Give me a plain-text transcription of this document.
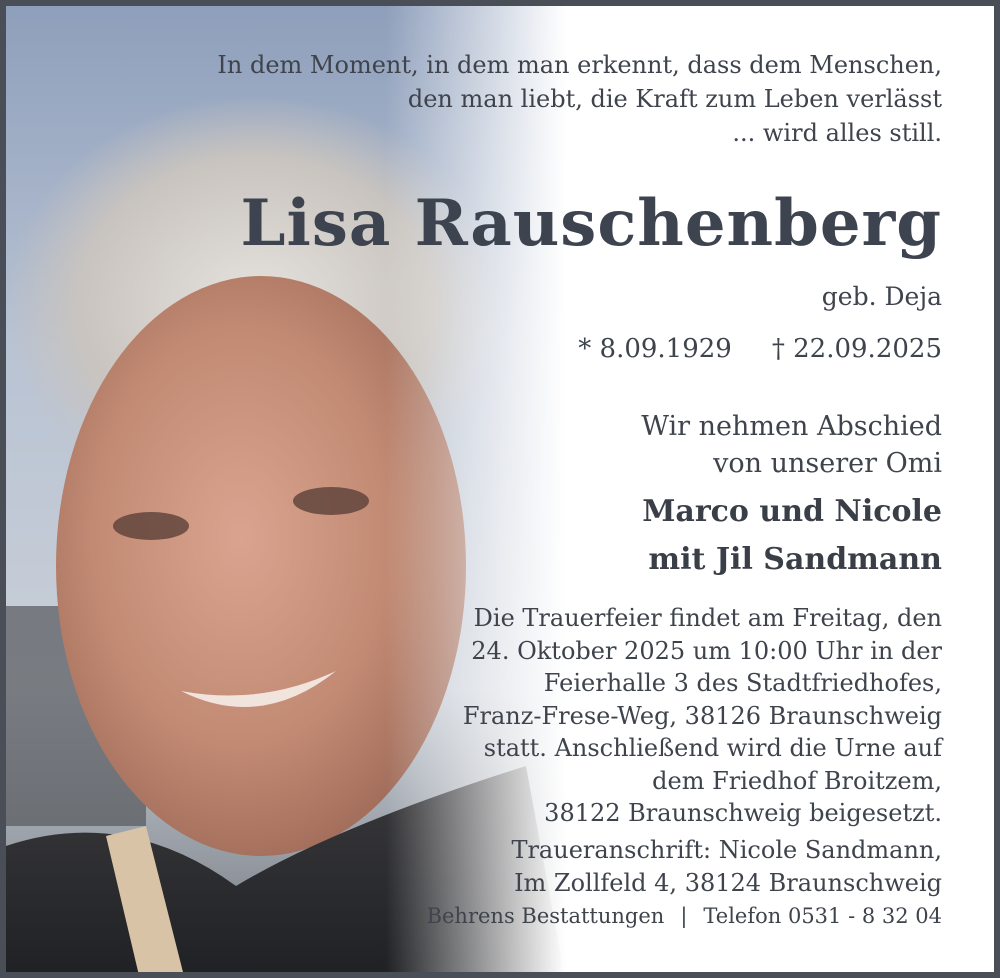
In dem Moment, in dem man erkennt, dass dem Menschen,
den man liebt, die Kraft zum Leben verlässt
... wird alles still.
Lisa Rauschenberg
geb. Deja
* 8.09.1929 † 22.09.2025
Wir nehmen Abschied
von unserer Omi
Marco und Nicole
mit Jil Sandmann
Die Trauerfeier findet am Freitag, den
24. Oktober 2025 um 10:00 Uhr in der
Feierhalle 3 des Stadtfriedhofes,
Franz-Frese-Weg, 38126 Braunschweig
statt. Anschließend wird die Urne auf
dem Friedhof Broitzem,
38122 Braunschweig beigesetzt.
Traueranschrift: Nicole Sandmann,
Im Zollfeld 4, 38124 Braunschweig
Behrens Bestattungen | Telefon 0531 - 8 32 04
